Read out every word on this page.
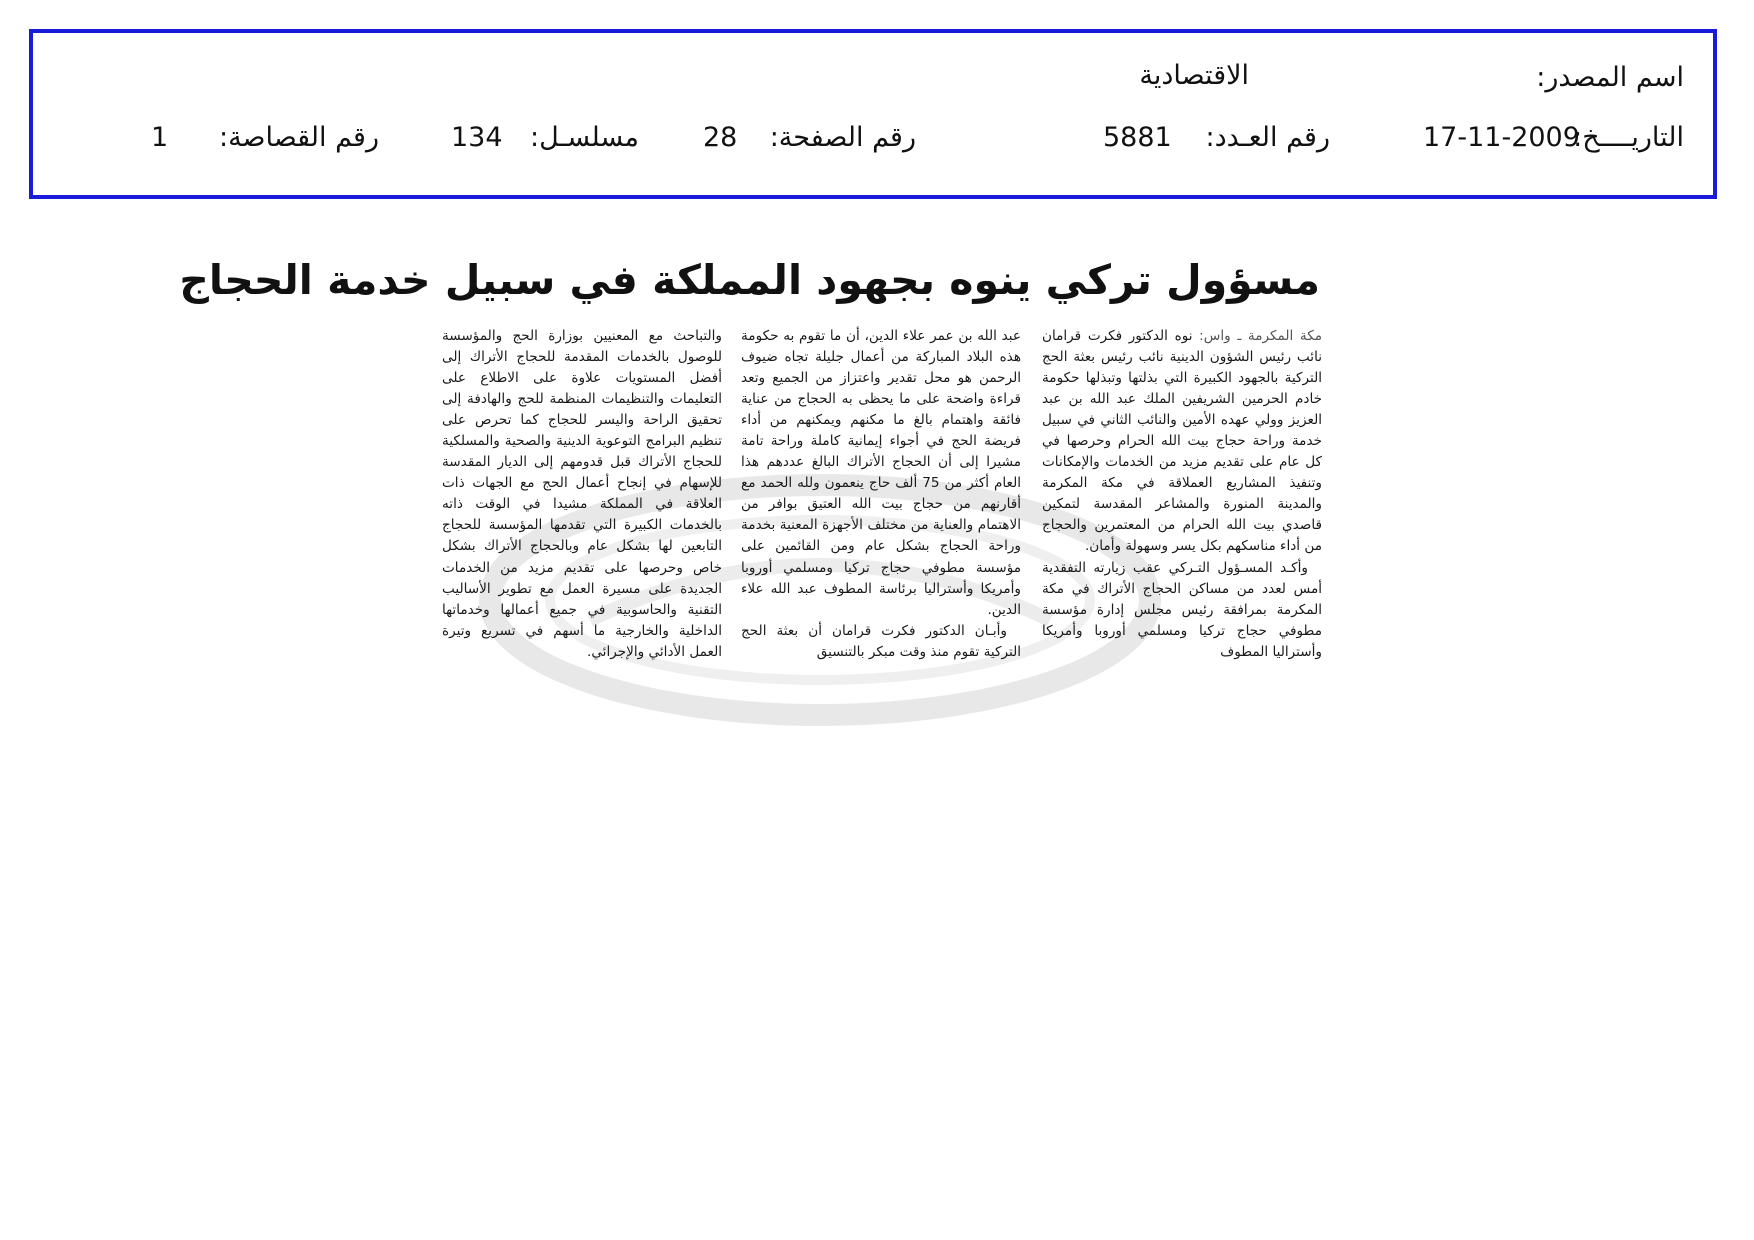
اسم المصدر:
الاقتصادية
التاريــــخ:
17-11-2009
رقم العـدد:
5881
رقم الصفحة:
28
مسلسـل:
134
رقم القصاصة:
1
مسؤول تركي ينوه بجهود المملكة في سبيل خدمة الحجاج
مكة المكرمة ـ واس: نوه الدكتور فكرت قرامان نائب رئيس الشؤون الدينية نائب رئيس بعثة الحج التركية بالجهود الكبيرة التي بذلتها وتبذلها حكومة خادم الحرمين الشريفين الملك عبد الله بن عبد العزيز وولي عهده الأمين والنائب الثاني في سبيل خدمة وراحة حجاج بيت الله الحرام وحرصها في كل عام على تقديم مزيد من الخدمات والإمكانات وتنفيذ المشاريع العملاقة في مكة المكرمة والمدينة المنورة والمشاعر المقدسة لتمكين قاصدي بيت الله الحرام من المعتمرين والحجاج من أداء مناسكهم بكل يسر وسهولة وأمان.
وأكـد المسـؤول التـركي عقب زيارته التفقدية أمس لعدد من مساكن الحجاج الأتراك في مكة المكرمة بمرافقة رئيس مجلس إدارة مؤسسة مطوفي حجاج تركيا ومسلمي أوروبا وأمريكا وأستراليا المطوف
عبد الله بن عمر علاء الدين، أن ما تقوم به حكومة هذه البلاد المباركة من أعمال جليلة تجاه ضيوف الرحمن هو محل تقدير واعتزاز من الجميع وتعد قراءة واضحة على ما يحظى به الحجاج من عناية فائقة واهتمام بالغ ما مكنهم ويمكنهم من أداء فريضة الحج في أجواء إيمانية كاملة وراحة تامة مشيرا إلى أن الحجاج الأتراك البالغ عددهم هذا العام أكثر من 75 ألف حاج ينعمون ولله الحمد مع أقارنهم من حجاج بيت الله العتيق بوافر من الاهتمام والعناية من مختلف الأجهزة المعنية بخدمة وراحة الحجاج بشكل عام ومن القائمين على مؤسسة مطوفي حجاج تركيا ومسلمي أوروبا وأمريكا وأستراليا برئاسة المطوف عبد الله علاء الدين.
وأبـان الدكتور فكرت قرامان أن بعثة الحج التركية تقوم منذ وقت مبكر بالتنسيق
والتباحث مع المعنيين بوزارة الحج والمؤسسة للوصول بالخدمات المقدمة للحجاج الأتراك إلى أفضل المستويات علاوة على الاطلاع على التعليمات والتنظيمات المنظمة للحج والهادفة إلى تحقيق الراحة واليسر للحجاج كما تحرص على تنظيم البرامج التوعوية الدينية والصحية والمسلكية للحجاج الأتراك قبل قدومهم إلى الديار المقدسة للإسهام في إنجاح أعمال الحج مع الجهات ذات العلاقة في المملكة مشيدا في الوقت ذاته بالخدمات الكبيرة التي تقدمها المؤسسة للحجاج التابعين لها بشكل عام وبالحجاج الأتراك بشكل خاص وحرصها على تقديم مزيد من الخدمات الجديدة على مسيرة العمل مع تطوير الأساليب التقنية والحاسوبية في جميع أعمالها وخدماتها الداخلية والخارجية ما أسهم في تسريع وتيرة العمل الأدائي والإجرائي.
